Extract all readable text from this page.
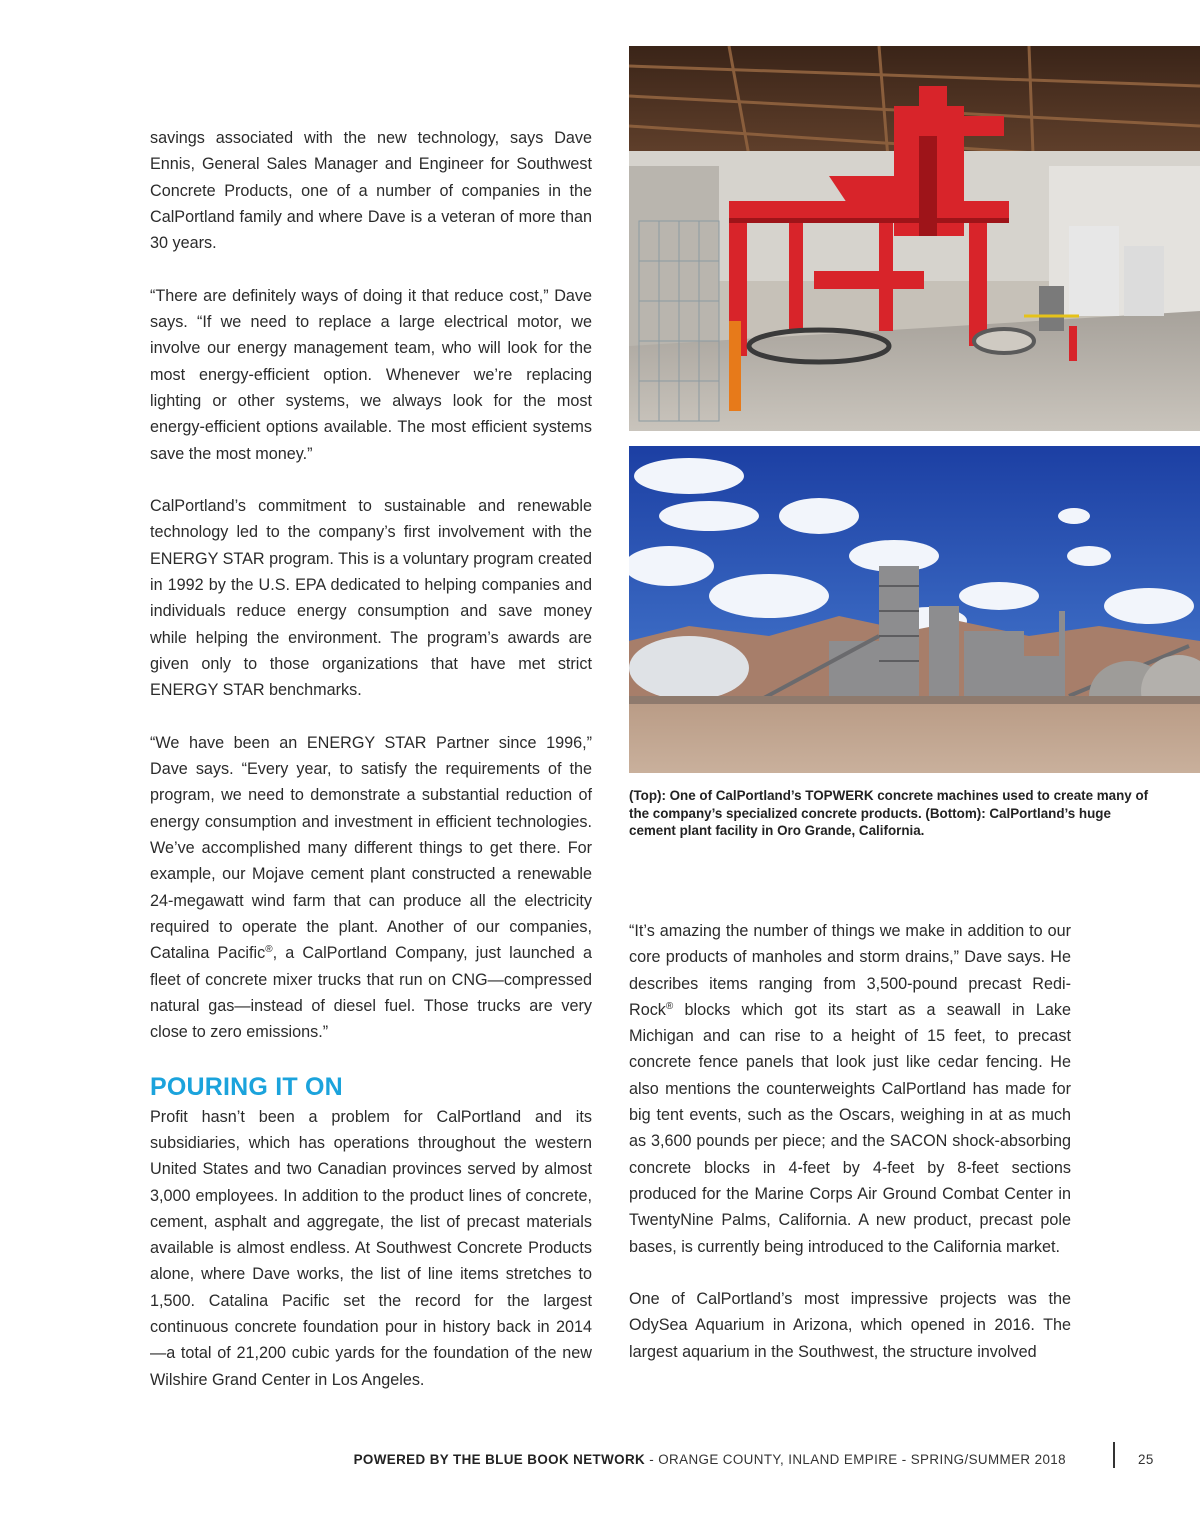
savings associated with the new technology, says Dave Ennis, General Sales Manager and Engineer for Southwest Concrete Products, one of a number of companies in the CalPortland family and where Dave is a veteran of more than 30 years.

“There are definitely ways of doing it that reduce cost,” Dave says. “If we need to replace a large electrical motor, we involve our energy management team, who will look for the most energy-efficient option. Whenever we’re replacing lighting or other systems, we always look for the most energy-efficient options available. The most efficient systems save the most money.”

CalPortland’s commitment to sustainable and renewable technology led to the company’s first involvement with the ENERGY STAR program. This is a voluntary program created in 1992 by the U.S. EPA dedicated to helping companies and individuals reduce energy consumption and save money while helping the environment. The program’s awards are given only to those organizations that have met strict ENERGY STAR benchmarks.

“We have been an ENERGY STAR Partner since 1996,” Dave says. “Every year, to satisfy the requirements of the program, we need to demonstrate a substantial reduction of energy consumption and investment in efficient technologies. We’ve accomplished many different things to get there. For example, our Mojave cement plant constructed a renewable 24-megawatt wind farm that can produce all the electricity required to operate the plant. Another of our companies, Catalina Pacific®, a CalPortland Company, just launched a fleet of concrete mixer trucks that run on CNG—compressed natural gas—instead of diesel fuel. Those trucks are very close to zero emissions.”

POURING IT ON

Profit hasn’t been a problem for CalPortland and its subsidiaries, which has operations throughout the western United States and two Canadian provinces served by almost 3,000 employees. In addition to the product lines of concrete, cement, asphalt and aggregate, the list of precast materials available is almost endless. At Southwest Concrete Products alone, where Dave works, the list of line items stretches to 1,500. Catalina Pacific set the record for the largest continuous concrete foundation pour in history back in 2014—a total of 21,200 cubic yards for the foundation of the new Wilshire Grand Center in Los Angeles.

(Top): One of CalPortland’s TOPWERK concrete machines used to create many of the company’s specialized concrete products. (Bottom): CalPortland’s huge cement plant facility in Oro Grande, California.

“It’s amazing the number of things we make in addition to our core products of manholes and storm drains,” Dave says. He describes items ranging from 3,500-pound precast Redi-Rock® blocks which got its start as a seawall in Lake Michigan and can rise to a height of 15 feet, to precast concrete fence panels that look just like cedar fencing. He also mentions the counterweights CalPortland has made for big tent events, such as the Oscars, weighing in at as much as 3,600 pounds per piece; and the SACON shock-absorbing concrete blocks in 4-feet by 4-feet by 8-feet sections produced for the Marine Corps Air Ground Combat Center in TwentyNine Palms, California. A new product, precast pole bases, is currently being introduced to the California market.

One of CalPortland’s most impressive projects was the OdySea Aquarium in Arizona, which opened in 2016. The largest aquarium in the Southwest, the structure involved

POWERED BY THE BLUE BOOK NETWORK - ORANGE COUNTY, INLAND EMPIRE - SPRING/SUMMER 2018	25
